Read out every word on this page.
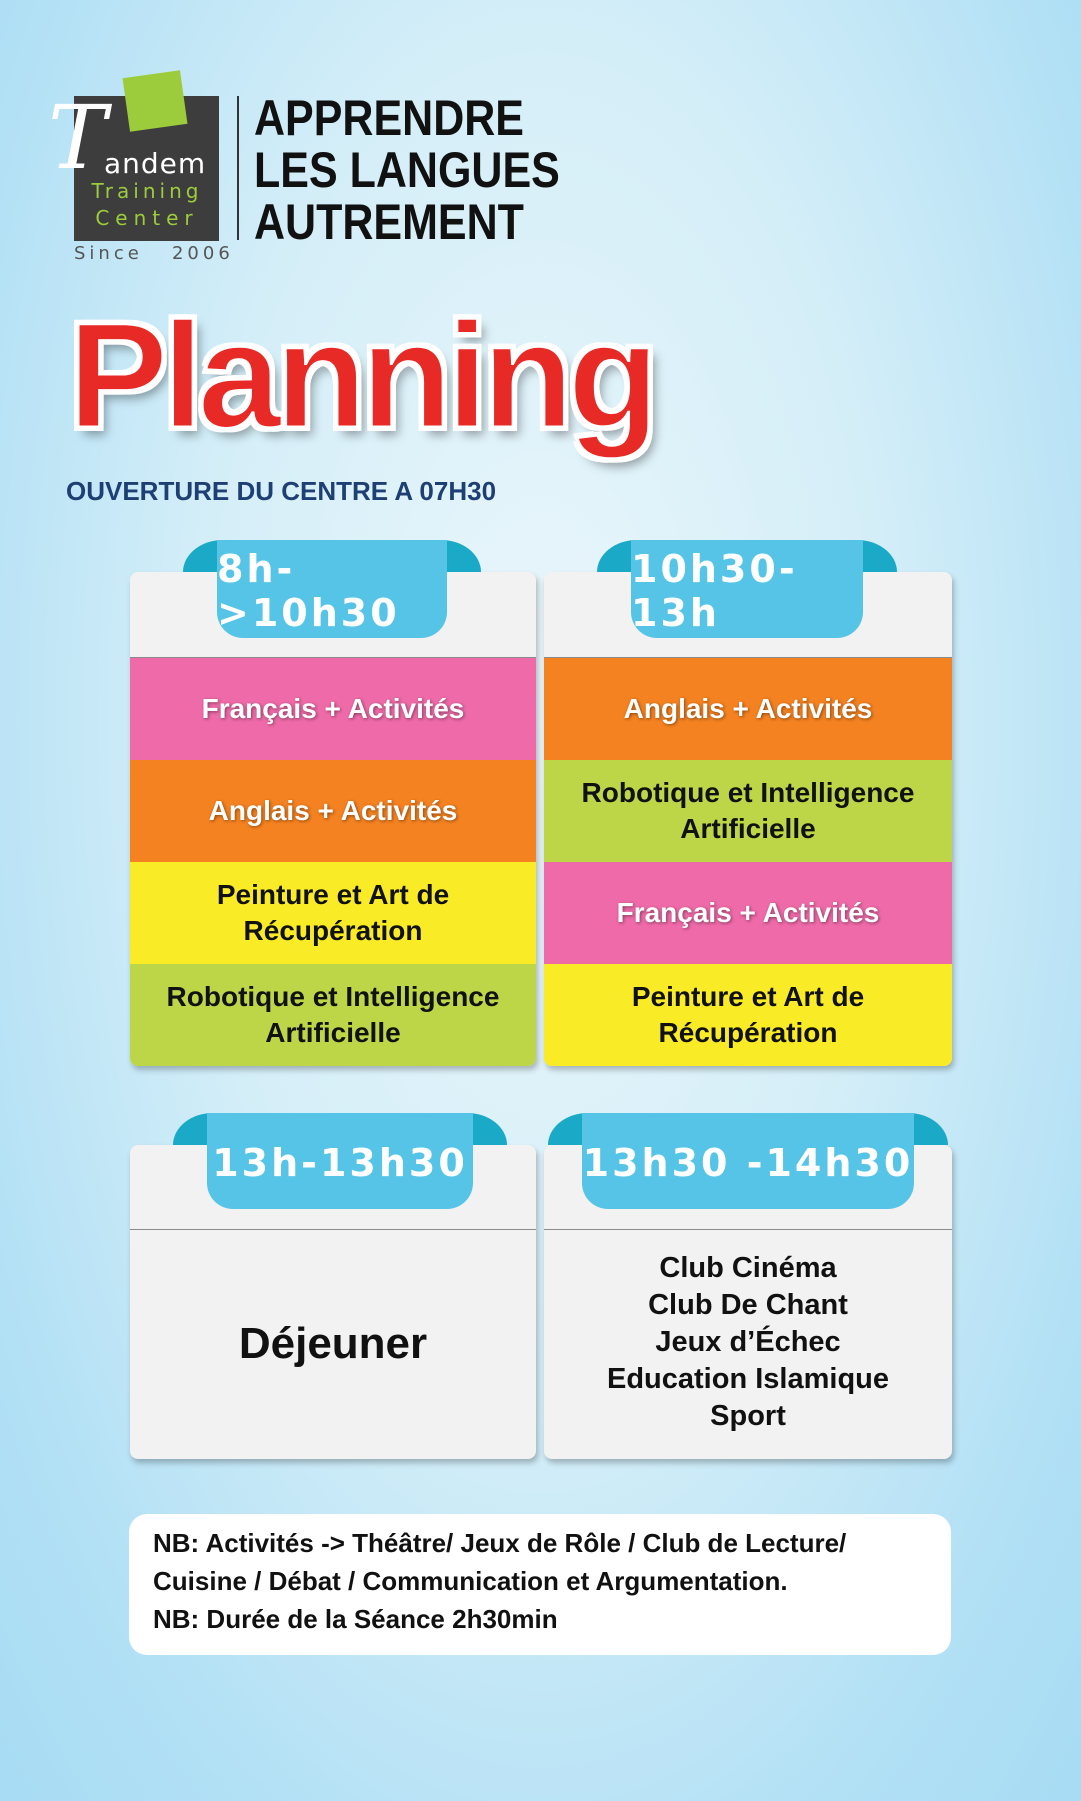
T
andem
Training
Center
Since   2006
APPRENDRE
LES LANGUES
AUTREMENT
Planning
OUVERTURE DU CENTRE A 07H30
8h->10h30
Français + Activités
Anglais + Activités
Peinture et Art de
Récupération
Robotique et Intelligence
Artificielle
10h30-13h
Anglais + Activités
Robotique et Intelligence
Artificielle
Français + Activités
Peinture et Art de
Récupération
13h-13h30
Déjeuner
13h30 -14h30
Club Cinéma
Club De Chant
Jeux d’Échec
Education Islamique
Sport
NB: Activités -> Théâtre/ Jeux de Rôle / Club de Lecture/
Cuisine / Débat / Communication et Argumentation.
NB: Durée de la Séance 2h30min
